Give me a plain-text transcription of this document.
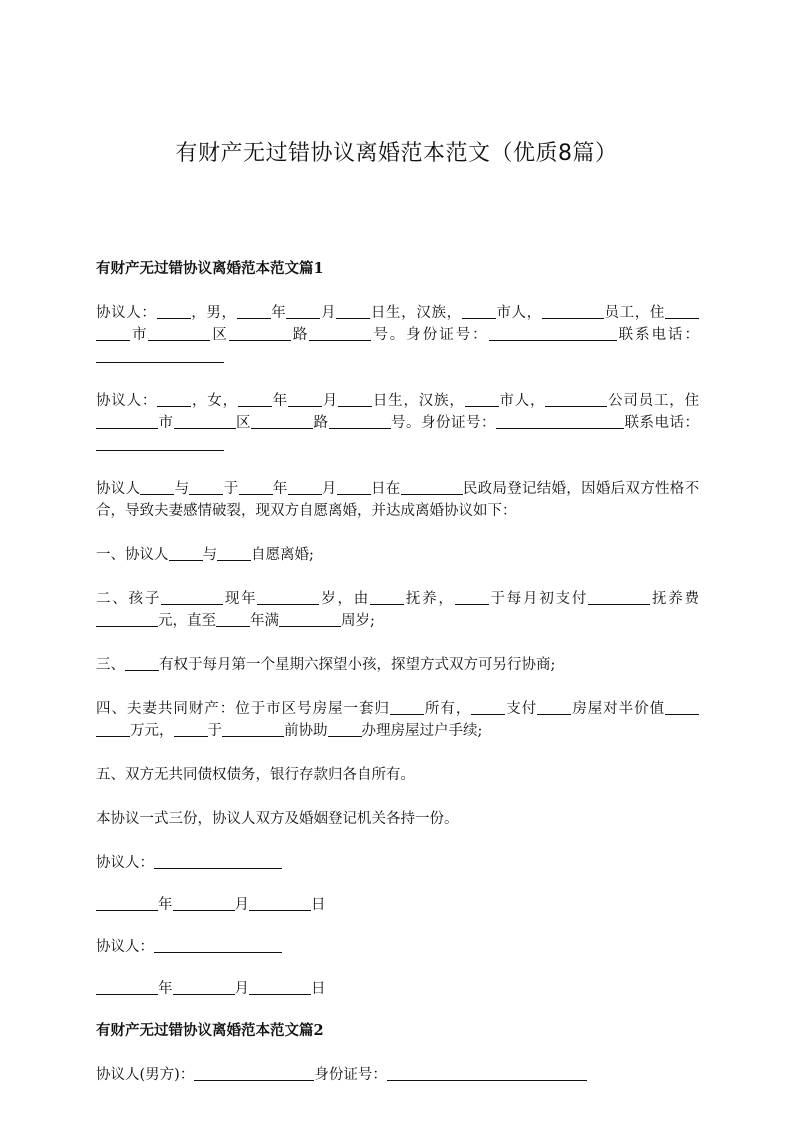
有财产无过错协议离婚范本范文（优质8篇）
有财产无过错协议离婚范本范文篇1

协议人： ，男， 年 月 日生，汉族， 市人，	员工，住市	区	路	号。身份证号：	联系电话：

协议人： ，女， 年 月 日生，汉族， 市人，	公司员工，住市	区	路	号。身份证号：	联系电话：

协议人 与 于 年 月 日在	民政局登记结婚，因婚后双方性格不合，导致夫妻感情破裂，现双方自愿离婚，并达成离婚协议如下：

一、协议人 与 自愿离婚;

二、孩子	现年	岁，由 抚养， 于每月初支付	抚养费元，直至 年满	周岁;

三、 有权于每月第一个星期六探望小孩，探望方式双方可另行协商;

四、夫妻共同财产：位于市区号房屋一套归 所有， 支付 房屋对半价值万元， 于	前协助 办理房屋过户手续;

五、双方无共同债权债务，银行存款归各自所有。

本协议一式三份，协议人双方及婚姻登记机关各持一份。

协议人：

年	月	日

协议人：

年	月	日

有财产无过错协议离婚范本范文篇2

协议人(男方)：	身份证号：
